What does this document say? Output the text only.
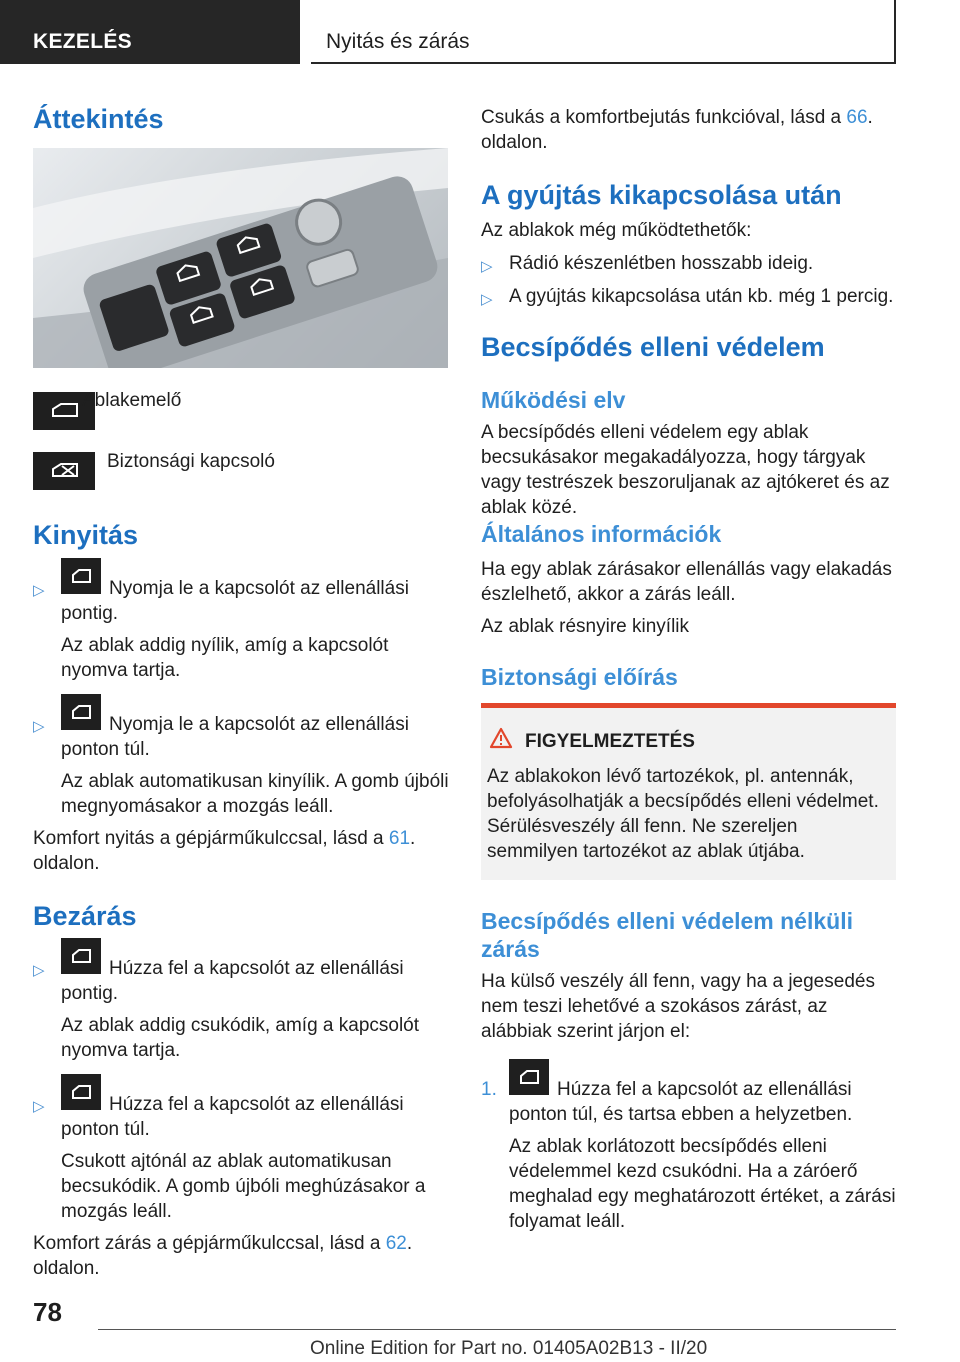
KEZELÉS	Nyitás és zárás
Áttekintés
Ablakemelő
Biztonsági kapcsoló
Kinyitás
▷	Nyomja le a kapcsolót az ellenállási pontig.
Az ablak addig nyílik, amíg a kapcsolót nyomva tartja.
▷	Nyomja le a kapcsolót az ellenállási ponton túl.
Az ablak automatikusan kinyílik. A gomb újbóli megnyomásakor a mozgás leáll.
Komfort nyitás a gépjárműkulccsal, lásd a 61. oldalon.
Bezárás
▷	Húzza fel a kapcsolót az ellenállási pontig.
Az ablak addig csukódik, amíg a kapcsolót nyomva tartja.
▷	Húzza fel a kapcsolót az ellenállási ponton túl.
Csukott ajtónál az ablak automatikusan becsukódik. A gomb újbóli meghúzásakor a mozgás leáll.
Komfort zárás a gépjárműkulccsal, lásd a 62. oldalon.
Csukás a komfortbejutás funkcióval, lásd a 66. oldalon.
A gyújtás kikapcsolása után
Az ablakok még működtethetők:
▷ Rádió készenlétben hosszabb ideig.
▷ A gyújtás kikapcsolása után kb. még 1 percig.
Becsípődés elleni védelem
Működési elv
A becsípődés elleni védelem egy ablak becsukásakor megakadályozza, hogy tárgyak vagy testrészek beszoruljanak az ajtókeret és az ablak közé.
Általános információk
Ha egy ablak zárásakor ellenállás vagy elakadás észlelhető, akkor a zárás leáll.
Az ablak résnyire kinyílik
Biztonsági előírás
FIGYELMEZTETÉS
Az ablakokon lévő tartozékok, pl. antennák, befolyásolhatják a becsípődés elleni védelmet. Sérülésveszély áll fenn. Ne szereljen semmilyen tartozékot az ablak útjába.
Becsípődés elleni védelem nélküli zárás
Ha külső veszély áll fenn, vagy ha a jegesedés nem teszi lehetővé a szokásos zárást, az alábbiak szerint járjon el:
1.	Húzza fel a kapcsolót az ellenállási ponton túl, és tartsa ebben a helyzetben.
Az ablak korlátozott becsípődés elleni védelemmel kezd csukódni. Ha a záróerő meghalad egy meghatározott értéket, a zárási folyamat leáll.
78
Online Edition for Part no. 01405A02B13 - II/20
